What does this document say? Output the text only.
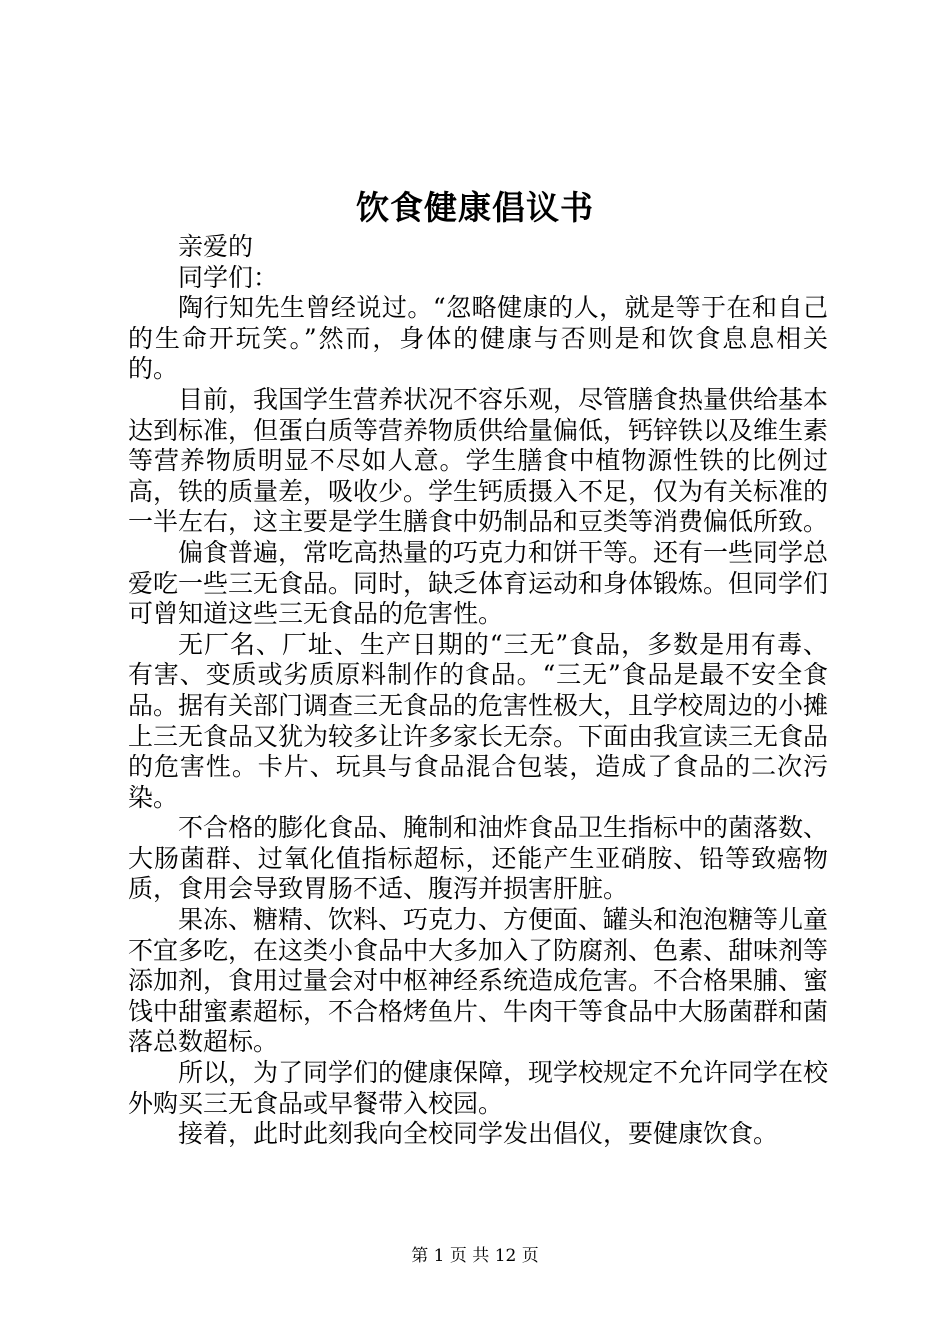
饮食健康倡议书

亲爱的

同学们：

陶行知先生曾经说过。“忽略健康的人，就是等于在和自己的生命开玩笑。”然而，身体的健康与否则是和饮食息息相关的。

目前，我国学生营养状况不容乐观，尽管膳食热量供给基本达到标准，但蛋白质等营养物质供给量偏低，钙锌铁以及维生素等营养物质明显不尽如人意。学生膳食中植物源性铁的比例过高，铁的质量差，吸收少。学生钙质摄入不足，仅为有关标准的一半左右，这主要是学生膳食中奶制品和豆类等消费偏低所致。

偏食普遍，常吃高热量的巧克力和饼干等。还有一些同学总爱吃一些三无食品。同时，缺乏体育运动和身体锻炼。但同学们可曾知道这些三无食品的危害性。

无厂名、厂址、生产日期的“三无”食品，多数是用有毒、有害、变质或劣质原料制作的食品。“三无”食品是最不安全食品。据有关部门调查三无食品的危害性极大，且学校周边的小摊上三无食品又犹为较多让许多家长无奈。下面由我宣读三无食品的危害性。卡片、玩具与食品混合包装，造成了食品的二次污染。

不合格的膨化食品、腌制和油炸食品卫生指标中的菌落数、大肠菌群、过氧化值指标超标，还能产生亚硝胺、铅等致癌物质，食用会导致胃肠不适、腹泻并损害肝脏。

果冻、糖精、饮料、巧克力、方便面、罐头和泡泡糖等儿童不宜多吃，在这类小食品中大多加入了防腐剂、色素、甜味剂等添加剂，食用过量会对中枢神经系统造成危害。不合格果脯、蜜饯中甜蜜素超标，不合格烤鱼片、牛肉干等食品中大肠菌群和菌落总数超标。

所以，为了同学们的健康保障，现学校规定不允许同学在校外购买三无食品或早餐带入校园。

接着，此时此刻我向全校同学发出倡仪，要健康饮食。

第 1 页 共 12 页
